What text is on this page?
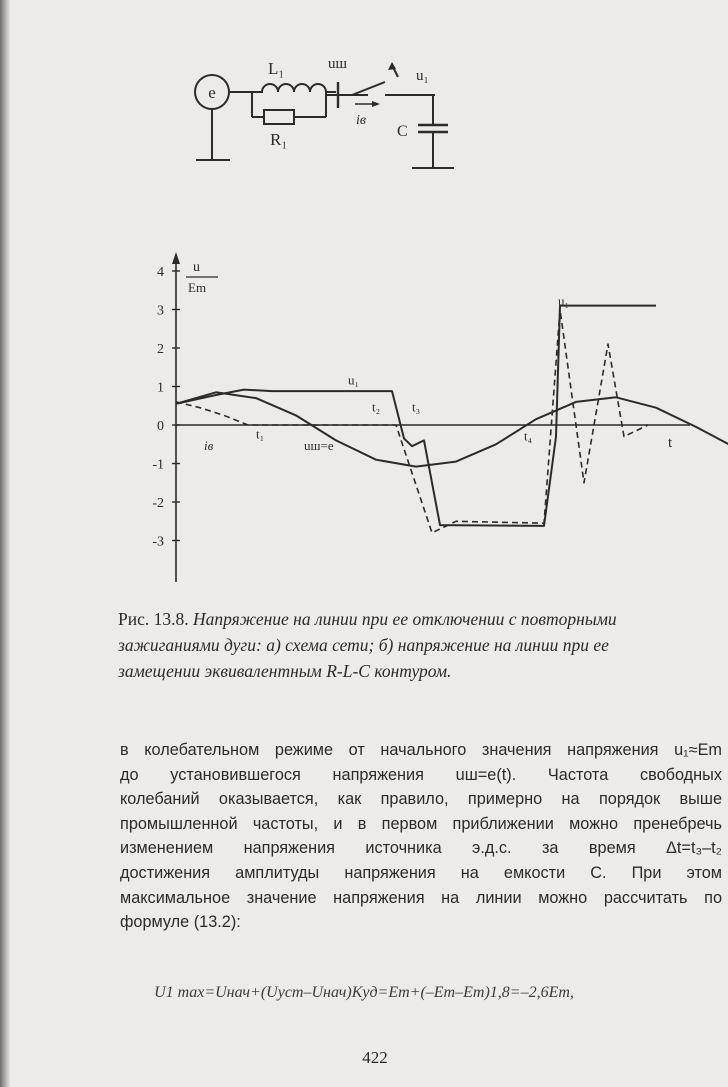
e
L₁
R₁
uш
u₁
iв
C
u
Em
t
4
3
2
1
0
-1
-2
-3
u₁
u₁
t₁
t₂ t₃
t₄
iв	uш=e
Рис. 13.8. Напряжение на линии при ее отключении с повторными
зажиганиями дуги: а) схема сети; б) напряжение на линии при ее
замещении эквивалентным R-L-C контуром.
в колебательном режиме от начального значения напряжения u₁≈Em
до установившегося напряжения uш=e(t). Частота свободных
колебаний оказывается, как правило, примерно на порядок выше
промышленной частоты, и в первом приближении можно пренебречь
изменением напряжения источника э.д.с. за время Δt=t₃–t₂
достижения амплитуды напряжения на емкости C. При этом
максимальное значение напряжения на линии можно рассчитать по
формуле (13.2):
U1 max=Uнач+(Uуст–Uнач)Kуд=Em+(–Em–Em)1,8=–2,6Em,
422
